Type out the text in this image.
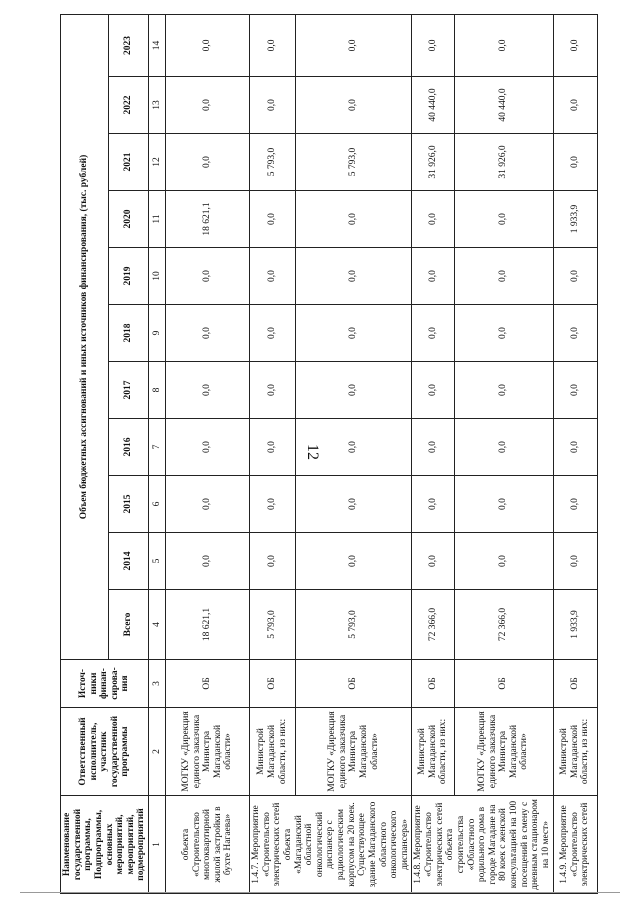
12
Наименование государственной программы, Подпрограммы, основных мероприятий, мероприятий, подмероприятий	Ответственный исполнитель, участник государственной программы	Источ-ники финан-сирова-ния	Объем бюджетных ассигнований и иных источников финансирования, (тыс. рублей)										
			Всего	2014	2015	2016	2017	2018	2019	2020	2021	2022	2023
1	2	3	4	5	6	7	8	9	10	11	12	13	14
объекта «Строительство многоквартирной жилой застройки в бухте Нагаева»	МОГКУ «Дирекция единого заказчика Министра Магаданской области»	ОБ	18 621,1	0,0	0,0	0,0	0,0	0,0	0,0	18 621,1	0,0	0,0	0,0
1.4.7. Мероприятие «Строительство электрических сетей объекта «Магаданский областной онкологический диспансер с радиологическим корпусом на 20 коек. Существующее здание Магаданского областного онкологического диспансера»	Министрой Магаданской области, из них:	ОБ	5 793,0	0,0	0,0	0,0	0,0	0,0	0,0	0,0	5 793,0	0,0	0,0
	МОГКУ «Дирекция единого заказчика Министра Магаданской области»	ОБ	5 793,0	0,0	0,0	0,0	0,0	0,0	0,0	0,0	5 793,0	0,0	0,0
1.4.8. Мероприятие «Строительство электрических сетей объекта строительства «Областного родильного дома в городе Магадане на 80 коек с женской консультацией на 100 посещений в смену с дневным стационаром на 10 мест»	Министрой Магаданской области, из них:	ОБ	72 366,0	0,0	0,0	0,0	0,0	0,0	0,0	0,0	31 926,0	40 440,0	0,0
	МОГКУ «Дирекция единого заказчика Министра Магаданской области»	ОБ	72 366,0	0,0	0,0	0,0	0,0	0,0	0,0	0,0	31 926,0	40 440,0	0,0
1.4.9. Мероприятие «Строительство электрических сетей	Министрой Магаданской области, из них:	ОБ	1 933,9	0,0	0,0	0,0	0,0	0,0	0,0	1 933,9	0,0	0,0	0,0
